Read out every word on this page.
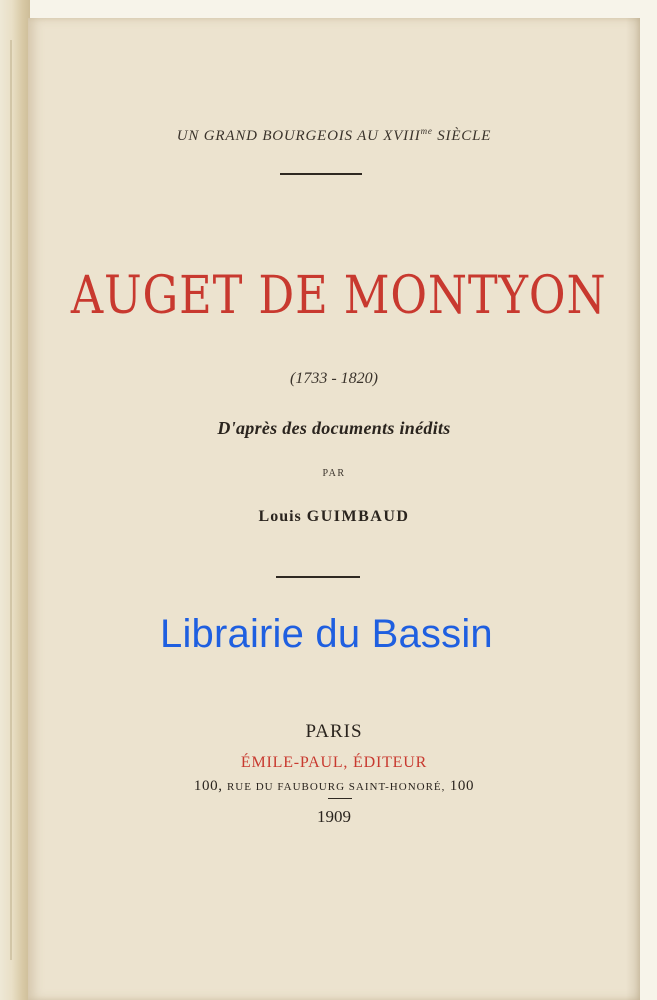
UN GRAND BOURGEOIS AU $XVIII^{me}$ SIÈCLE
AUGET DE MONTYON
(1733 - 1820)
D'après des documents inédits
PAR
Louis GUIMBAUD
PARIS
ÉMILE-PAUL, ÉDITEUR
100, RUE DU FAUBOURG SAINT-HONORÉ, 100
1909
Librairie du Bassin
